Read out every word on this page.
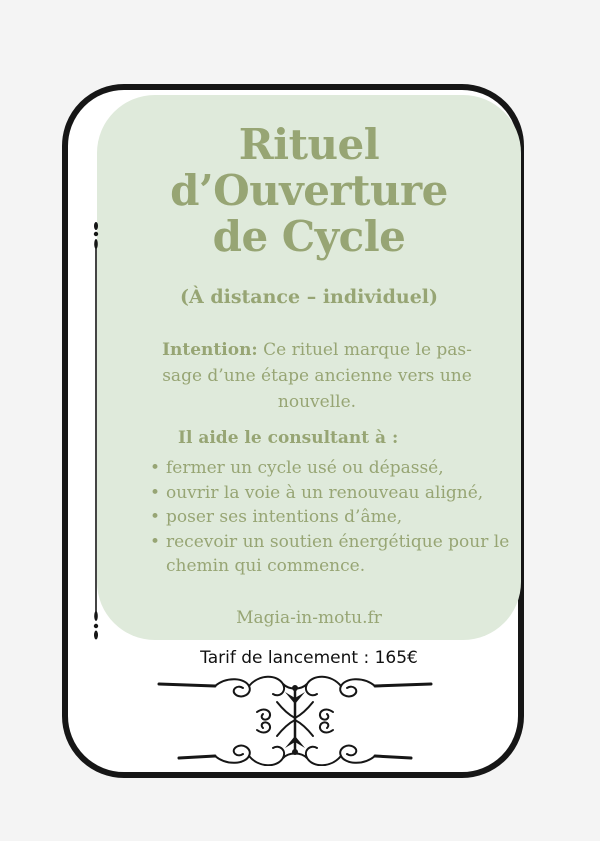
Rituel
d’Ouverture
de Cycle
(À distance – individuel)
Intention: Ce rituel marque le passage d’une étape ancienne vers une nouvelle.
Il aide le consultant à :
• fermer un cycle usé ou dépassé,
• ouvrir la voie à un renouveau aligné,
• poser ses intentions d’âme,
• recevoir un soutien énergétique pour le chemin qui commence.
Magia-in-motu.fr
Tarif de lancement : 165€
